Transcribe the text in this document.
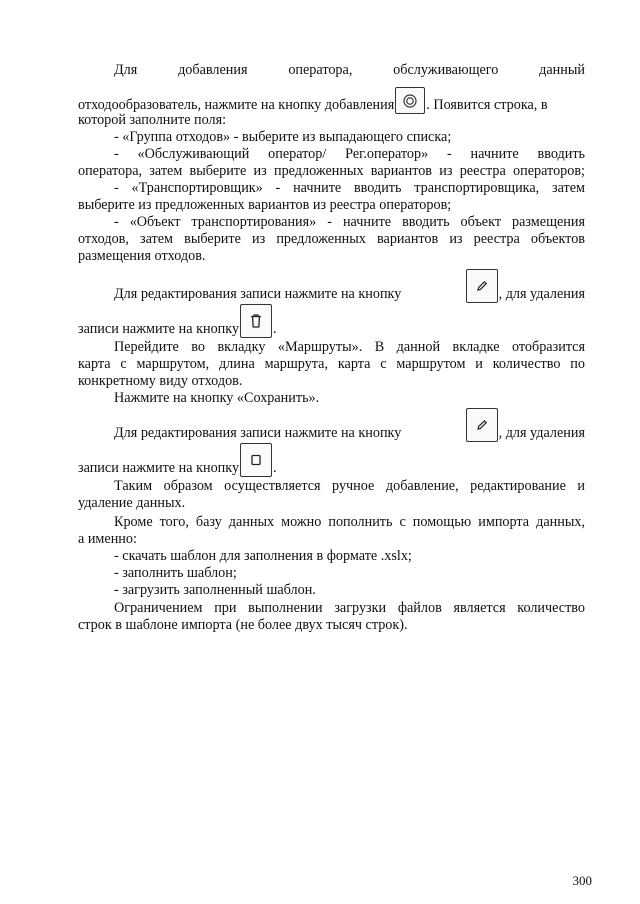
Для добавления оператора, обслуживающего данный
отходообразователь, нажмите на кнопку добавления . Появится строка, в
которой заполните поля:
- «Группа отходов» - выберите из выпадающего списка;
- «Обслуживающий оператор/ Рег.оператор» - начните вводить
оператора, затем выберите из предложенных вариантов из реестра операторов;
- «Транспортировщик» - начните вводить транспортировщика, затем
выберите из предложенных вариантов из реестра операторов;
- «Объект транспортирования» - начните вводить объект размещения
отходов, затем выберите из предложенных вариантов из реестра объектов
размещения отходов.
Для редактирования записи нажмите на кнопку	, для удаления
записи нажмите на кнопку .
Перейдите во вкладку «Маршруты». В данной вкладке отобразится
карта с маршрутом, длина маршрута, карта с маршрутом и количество по
конкретному виду отходов.
Нажмите на кнопку «Сохранить».
Для редактирования записи нажмите на кнопку	, для удаления
записи нажмите на кнопку .
Таким образом осуществляется ручное добавление, редактирование и
удаление данных.
Кроме того, базу данных можно пополнить с помощью импорта данных,
а именно:
- скачать шаблон для заполнения в формате .xslx;
- заполнить шаблон;
- загрузить заполненный шаблон.
Ограничением при выполнении загрузки файлов является количество
строк в шаблоне импорта (не более двух тысяч строк).
300
